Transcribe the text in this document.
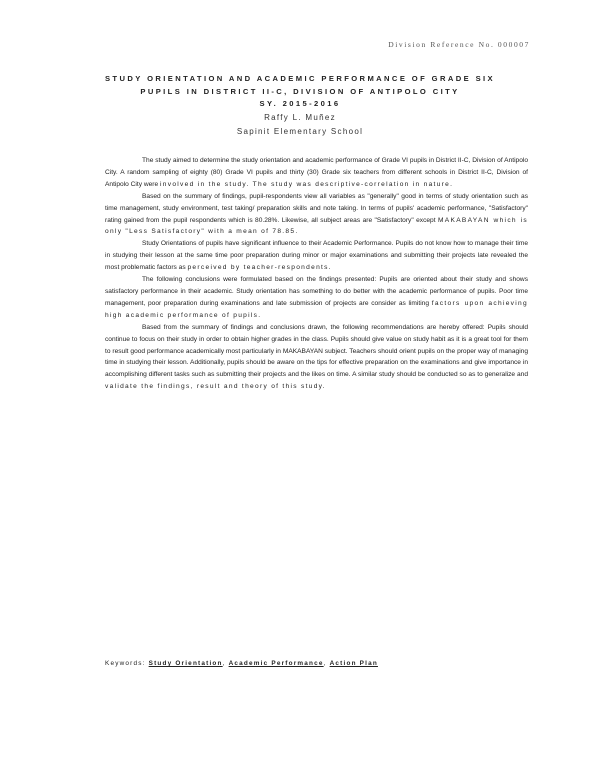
Division Reference No. 000007
STUDY ORIENTATION AND ACADEMIC PERFORMANCE OF GRADE SIX
PUPILS IN DISTRICT II-C, DIVISION OF ANTIPOLO CITY
SY. 2015-2016
Raffy L. Muñez
Sapinit Elementary School

The study aimed to determine the study orientation and academic performance of Grade VI pupils in District II-C, Division of Antipolo City. A random sampling of eighty (80) Grade VI pupils and thirty (30) Grade six teachers from different schools in District II-C, Division of Antipolo City were involved in the study. The study was descriptive-correlation in nature.

Based on the summary of findings, pupil-respondents view all variables as "generally" good in terms of study orientation such as time management, study environment, test taking/ preparation skills and note taking. In terms of pupils' academic performance, "Satisfactory" rating gained from the pupil respondents which is 80.28%. Likewise, all subject areas are "Satisfactory" except MAKABAYAN which is only "Less Satisfactory" with a mean of 78.85.

Study Orientations of pupils have significant influence to their Academic Performance. Pupils do not know how to manage their time in studying their lesson at the same time poor preparation during minor or major examinations and submitting their projects late revealed the most problematic factors as perceived by teacher-respondents.

The following conclusions were formulated based on the findings presented: Pupils are oriented about their study and shows satisfactory performance in their academic. Study orientation has something to do better with the academic performance of pupils. Poor time management, poor preparation during examinations and late submission of projects are consider as limiting factors upon achieving high academic performance of pupils.

Based from the summary of findings and conclusions drawn, the following recommendations are hereby offered: Pupils should continue to focus on their study in order to obtain higher grades in the class. Pupils should give value on study habit as it is a great tool for them to result good performance academically most particularly in MAKABAYAN subject. Teachers should orient pupils on the proper way of managing time in studying their lesson. Additionally, pupils should be aware on the tips for effective preparation on the examinations and give importance in accomplishing different tasks such as submitting their projects and the likes on time. A similar study should be conducted so as to generalize and validate the findings, result and theory of this study.

Keywords: Study Orientation, Academic Performance, Action Plan
